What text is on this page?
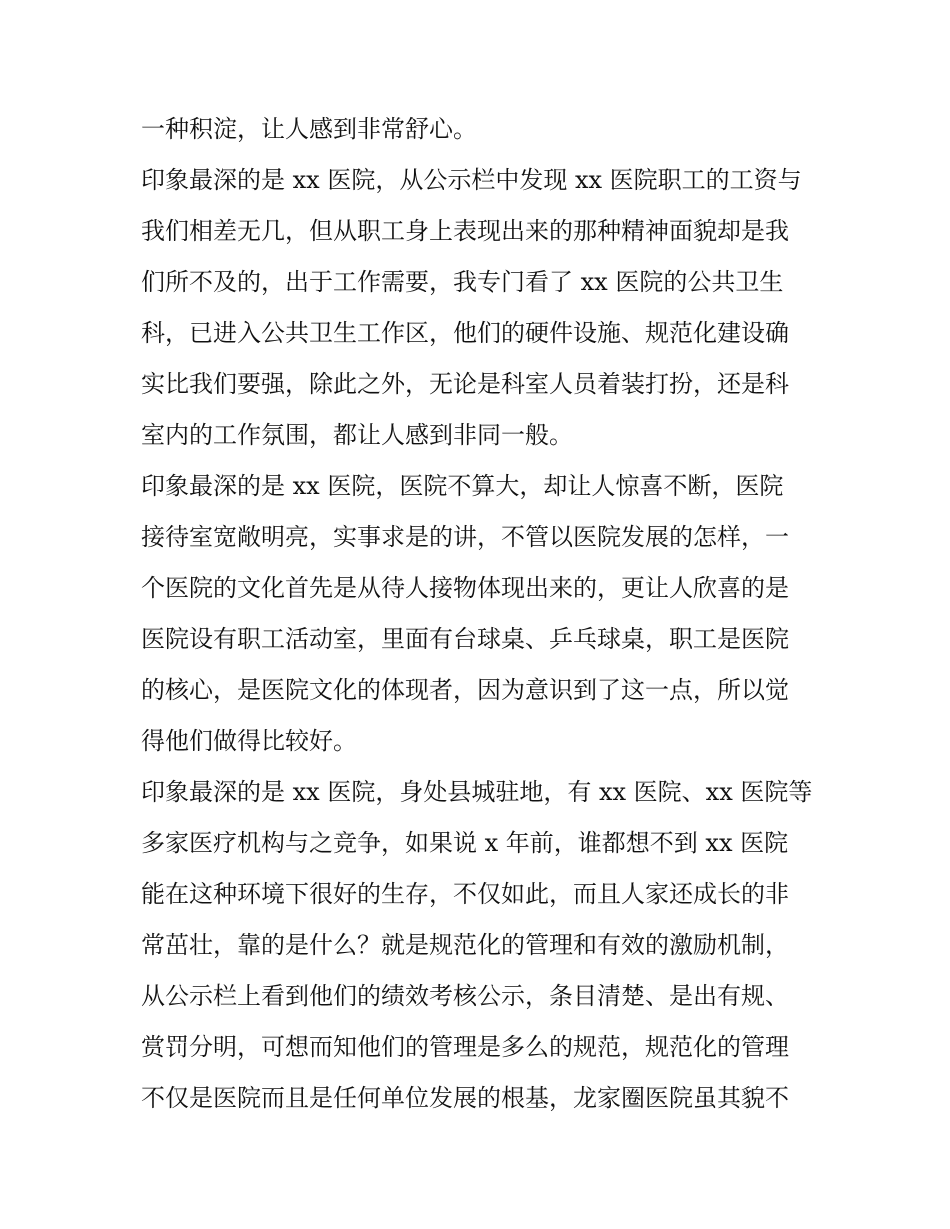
一种积淀，让人感到非常舒心。
印象最深的是 xx 医院，从公示栏中发现 xx 医院职工的工资与
我们相差无几，但从职工身上表现出来的那种精神面貌却是我
们所不及的，出于工作需要，我专门看了 xx 医院的公共卫生
科，已进入公共卫生工作区，他们的硬件设施、规范化建设确
实比我们要强，除此之外，无论是科室人员着装打扮，还是科
室内的工作氛围，都让人感到非同一般。
印象最深的是 xx 医院，医院不算大，却让人惊喜不断，医院
接待室宽敞明亮，实事求是的讲，不管以医院发展的怎样，一
个医院的文化首先是从待人接物体现出来的，更让人欣喜的是
医院设有职工活动室，里面有台球桌、乒乓球桌，职工是医院
的核心，是医院文化的体现者，因为意识到了这一点，所以觉
得他们做得比较好。
印象最深的是 xx 医院，身处县城驻地，有 xx 医院、xx 医院等
多家医疗机构与之竞争，如果说 x 年前，谁都想不到 xx 医院
能在这种环境下很好的生存，不仅如此，而且人家还成长的非
常茁壮，靠的是什么？就是规范化的管理和有效的激励机制，
从公示栏上看到他们的绩效考核公示，条目清楚、是出有规、
赏罚分明，可想而知他们的管理是多么的规范，规范化的管理
不仅是医院而且是任何单位发展的根基，龙家圈医院虽其貌不
